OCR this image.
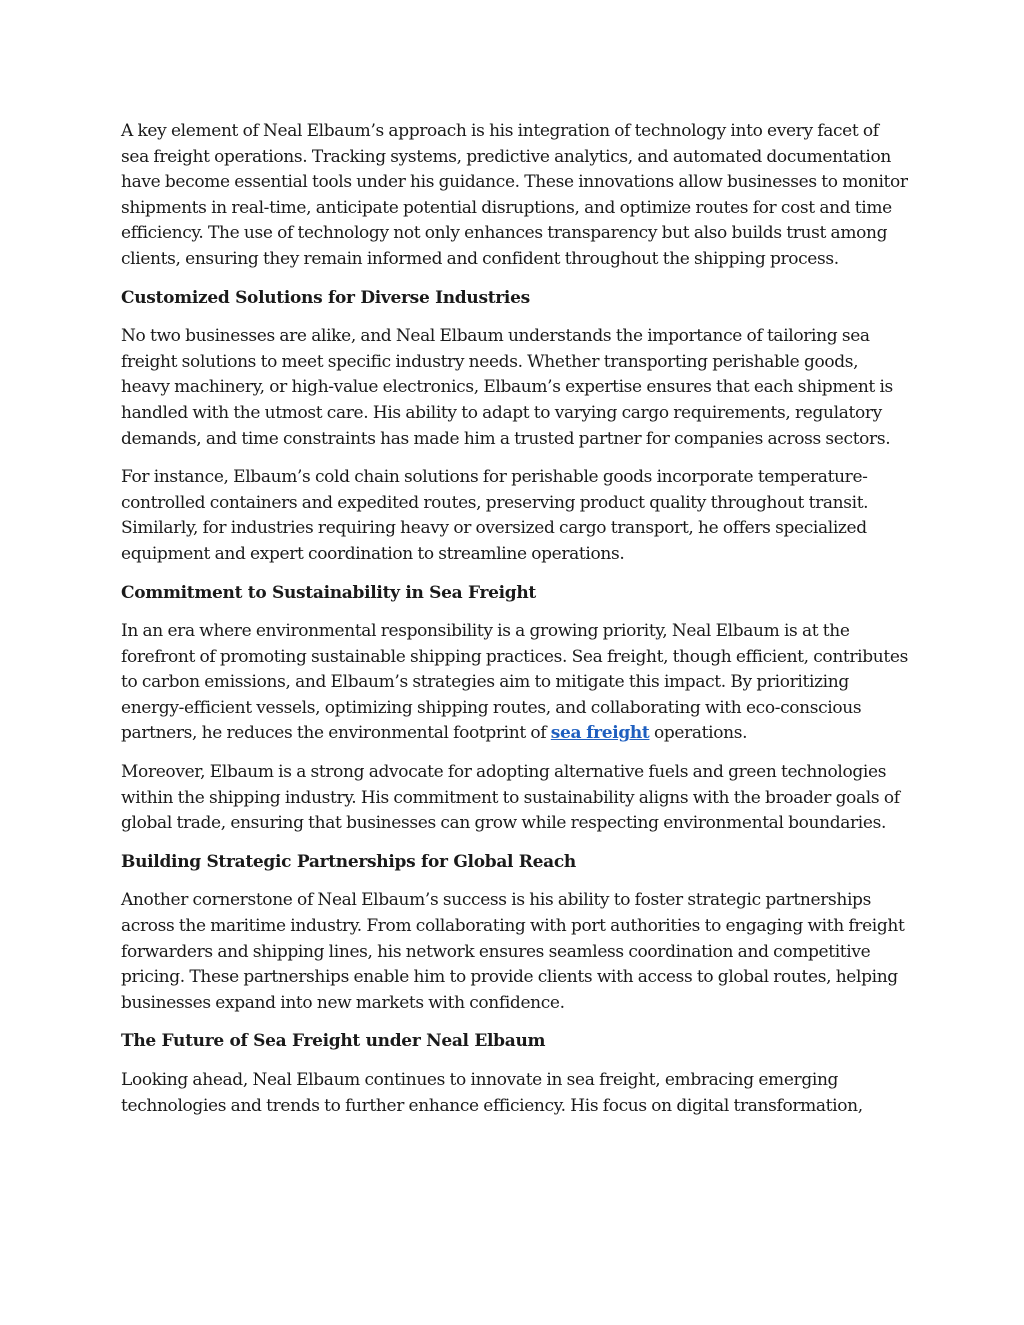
A key element of Neal Elbaum’s approach is his integration of technology into every facet of sea freight operations. Tracking systems, predictive analytics, and automated documentation have become essential tools under his guidance. These innovations allow businesses to monitor shipments in real-time, anticipate potential disruptions, and optimize routes for cost and time efficiency. The use of technology not only enhances transparency but also builds trust among clients, ensuring they remain informed and confident throughout the shipping process.

Customized Solutions for Diverse Industries

No two businesses are alike, and Neal Elbaum understands the importance of tailoring sea freight solutions to meet specific industry needs. Whether transporting perishable goods, heavy machinery, or high-value electronics, Elbaum’s expertise ensures that each shipment is handled with the utmost care. His ability to adapt to varying cargo requirements, regulatory demands, and time constraints has made him a trusted partner for companies across sectors.

For instance, Elbaum’s cold chain solutions for perishable goods incorporate temperature-controlled containers and expedited routes, preserving product quality throughout transit. Similarly, for industries requiring heavy or oversized cargo transport, he offers specialized equipment and expert coordination to streamline operations.

Commitment to Sustainability in Sea Freight

In an era where environmental responsibility is a growing priority, Neal Elbaum is at the forefront of promoting sustainable shipping practices. Sea freight, though efficient, contributes to carbon emissions, and Elbaum’s strategies aim to mitigate this impact. By prioritizing energy-efficient vessels, optimizing shipping routes, and collaborating with eco-conscious partners, he reduces the environmental footprint of sea freight operations.

Moreover, Elbaum is a strong advocate for adopting alternative fuels and green technologies within the shipping industry. His commitment to sustainability aligns with the broader goals of global trade, ensuring that businesses can grow while respecting environmental boundaries.

Building Strategic Partnerships for Global Reach

Another cornerstone of Neal Elbaum’s success is his ability to foster strategic partnerships across the maritime industry. From collaborating with port authorities to engaging with freight forwarders and shipping lines, his network ensures seamless coordination and competitive pricing. These partnerships enable him to provide clients with access to global routes, helping businesses expand into new markets with confidence.

The Future of Sea Freight under Neal Elbaum

Looking ahead, Neal Elbaum continues to innovate in sea freight, embracing emerging technologies and trends to further enhance efficiency. His focus on digital transformation,
